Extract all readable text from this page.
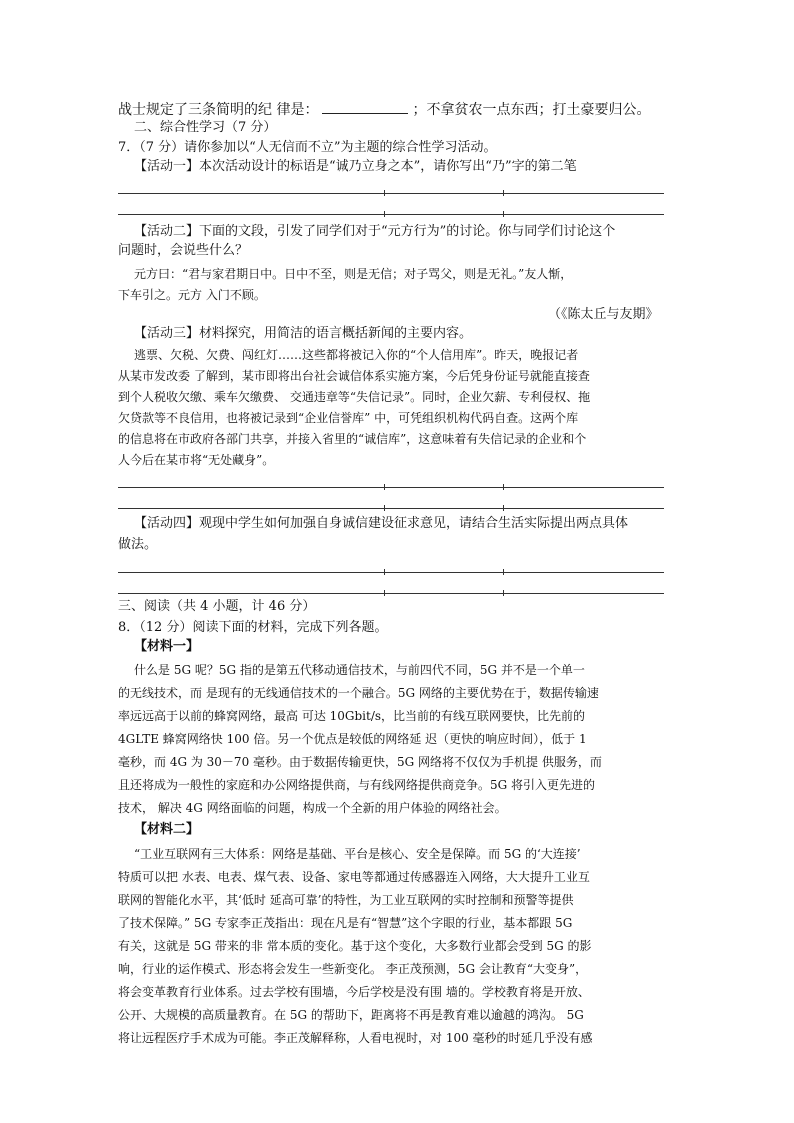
战士规定了三条简明的纪 律是：	；不拿贫农一点东西；打土豪要归公。
二、综合性学习（7 分）
7．（7 分）请你参加以“人无信而不立”为主题的综合性学习活动。
【活动一】本次活动设计的标语是“诚乃立身之本”，请你写出“乃”字的第二笔
【活动二】下面的文段，引发了同学们对于“元方行为”的讨论。你与同学们讨论这个
问题时，会说些什么？
元方曰：“君与家君期日中。日中不至，则是无信；对子骂父，则是无礼。”友人惭，
下车引之。元方 入门不顾。
（《陈太丘与友期》
【活动三】材料探究，用简洁的语言概括新闻的主要内容。
逃票、欠税、欠费、闯红灯……这些都将被记入你的“个人信用库”。昨天，晚报记者
从某市发改委 了解到，某市即将出台社会诚信体系实施方案，今后凭身份证号就能直接查
到个人税收欠缴、乘车欠缴费、 交通违章等“失信记录”。同时，企业欠薪、专利侵权、拖
欠贷款等不良信用，也将被记录到“企业信誉库” 中，可凭组织机构代码自查。这两个库
的信息将在市政府各部门共享，并接入省里的“诚信库”，这意味着有失信记录的企业和个
人今后在某市将“无处藏身”。
【活动四】观现中学生如何加强自身诚信建设征求意见，请结合生活实际提出两点具体
做法。
三、阅读（共 4 小题，计 46 分）
8．（12 分）阅读下面的材料，完成下列各题。
【材料一】
什么是 5G 呢？5G 指的是第五代移动通信技术，与前四代不同，5G 并不是一个单一
的无线技术，而 是现有的无线通信技术的一个融合。5G 网络的主要优势在于，数据传输速
率远远高于以前的蜂窝网络，最高 可达 10Gbit/s，比当前的有线互联网要快，比先前的
4GLTE 蜂窝网络快 100 倍。另一个优点是较低的网络延 迟（更快的响应时间），低于 1
毫秒，而 4G 为 30－70 毫秒。由于数据传输更快，5G 网络将不仅仅为手机提 供服务，而
且还将成为一般性的家庭和办公网络提供商，与有线网络提供商竞争。5G 将引入更先进的
技术， 解决 4G 网络面临的问题，构成一个全新的用户体验的网络社会。
【材料二】
“工业互联网有三大体系：网络是基础、平台是核心、安全是保障。而 5G 的‘大连接’
特质可以把 水表、电表、煤气表、设备、家电等都通过传感器连入网络，大大提升工业互
联网的智能化水平，其‘低时 延高可靠’的特性，为工业互联网的实时控制和预警等提供
了技术保障。” 5G 专家李正茂指出：现在凡是有“智慧”这个字眼的行业，基本都跟 5G
有关，这就是 5G 带来的非 常本质的变化。基于这个变化，大多数行业都会受到 5G 的影
响，行业的运作模式、形态将会发生一些新变化。 李正茂预测，5G 会让教育“大变身”，
将会变革教育行业体系。过去学校有围墙，今后学校是没有围 墙的。学校教育将是开放、
公开、大规模的高质量教育。在 5G 的帮助下，距离将不再是教育难以逾越的鸿沟。 5G
将让远程医疗手术成为可能。李正茂解释称，人看电视时，对 100 毫秒的时延几乎没有感
